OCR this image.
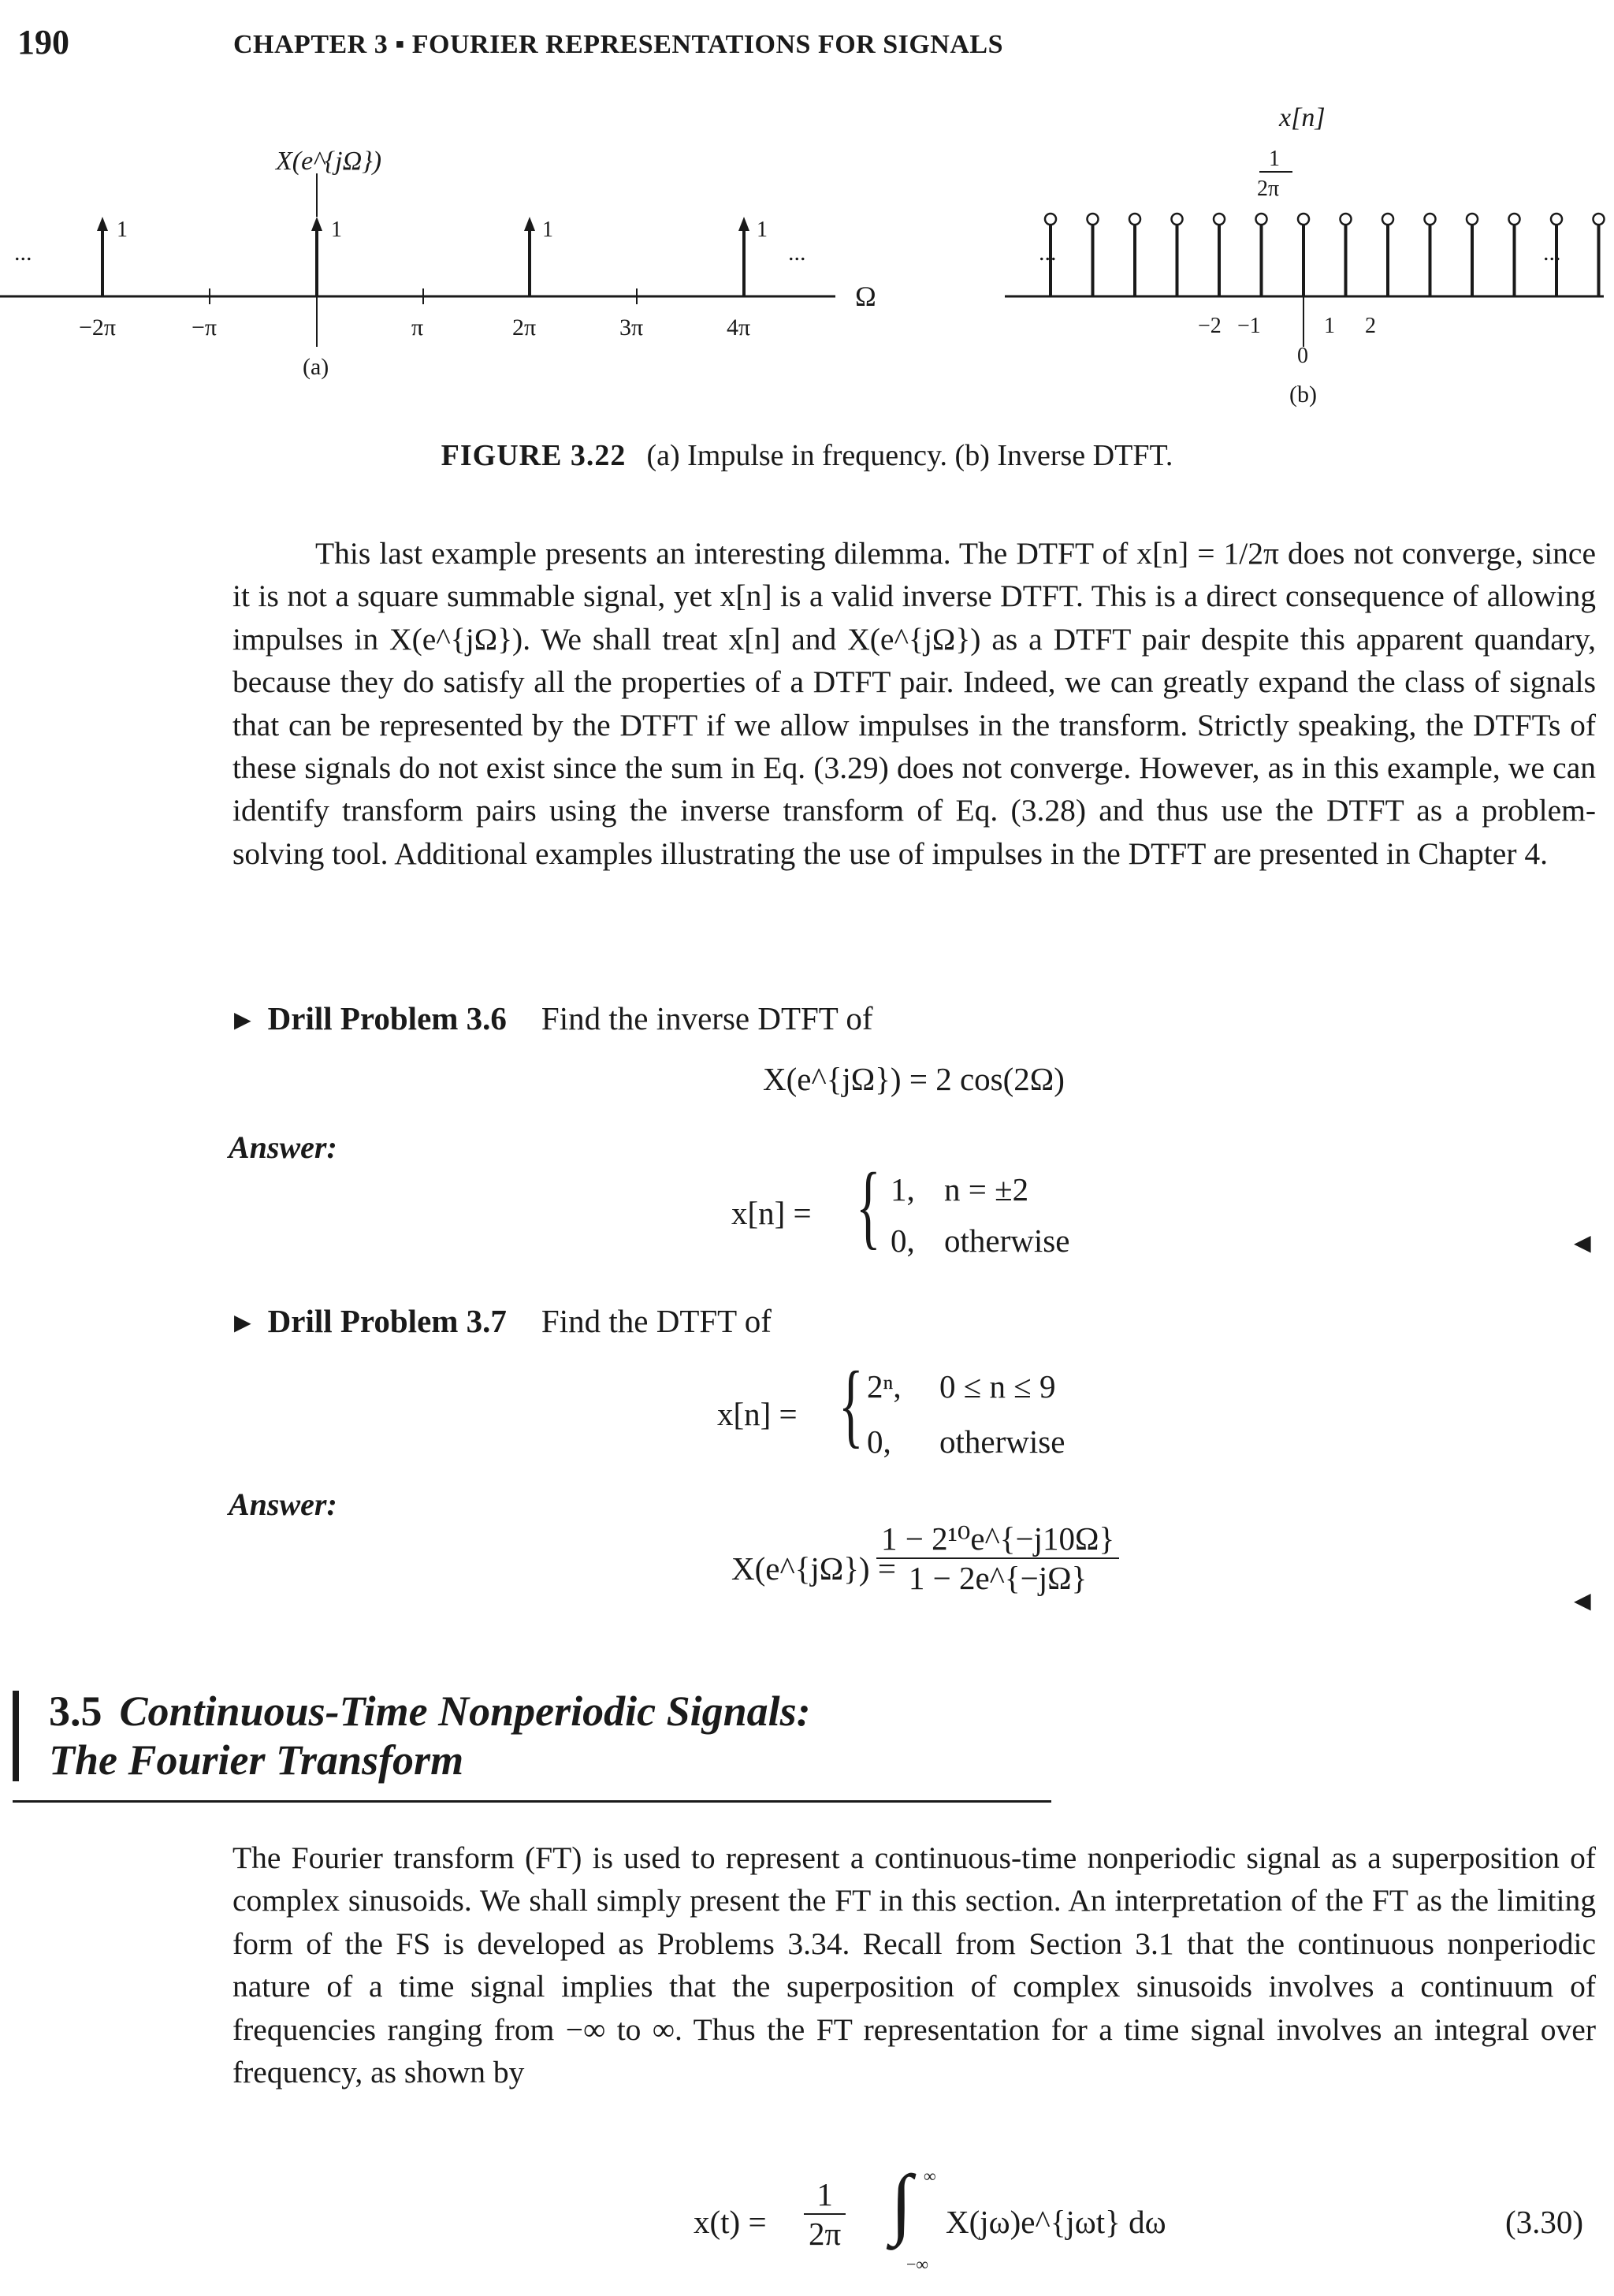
190	CHAPTER 3 ▪ FOURIER REPRESENTATIONS FOR SIGNALS
Ω
X(e^{jΩ})
...	...
1	1	1	1
−2π	−π	π	2π	3π	4π
(a)
x[n]
1
2π
...	...
−2 −1	1 2
0
(b)
FIGURE 3.22 (a) Impulse in frequency. (b) Inverse DTFT.
This last example presents an interesting dilemma. The DTFT of x[n] = 1/2π does not converge, since it is not a square summable signal, yet x[n] is a valid inverse DTFT. This is a direct consequence of allowing impulses in X(e^{jΩ}). We shall treat x[n] and X(e^{jΩ}) as a DTFT pair despite this apparent quandary, because they do satisfy all the properties of a DTFT pair. Indeed, we can greatly expand the class of signals that can be represented by the DTFT if we allow impulses in the transform. Strictly speaking, the DTFTs of these signals do not exist since the sum in Eq. (3.29) does not converge. However, as in this example, we can identify transform pairs using the inverse transform of Eq. (3.28) and thus use the DTFT as a problem-solving tool. Additional examples illustrating the use of impulses in the DTFT are presented in Chapter 4.
► Drill Problem 3.6 Find the inverse DTFT of
X(e^{jΩ}) = 2 cos(2Ω)
Answer:
x[n] = { 1, n = ±2
0, otherwise	◄
► Drill Problem 3.7 Find the DTFT of
x[n] = { 2ⁿ, 0 ≤ n ≤ 9
0, otherwise
Answer:
X(e^{jΩ}) =
$\frac{\text{1 − 2¹⁰e\textasciicircum{}\{−j10Ω\}}}{1 - 2e\^{}\{-j\Omega\}}$
◄
3.5 Continuous-Time Nonperiodic Signals:
The Fourier Transform
The Fourier transform (FT) is used to represent a continuous-time nonperiodic signal as a superposition of complex sinusoids. We shall simply present the FT in this section. An interpretation of the FT as the limiting form of the FS is developed as Problems 3.34. Recall from Section 3.1 that the continuous nonperiodic nature of a time signal implies that the superposition of complex sinusoids involves a continuum of frequencies ranging from −∞ to ∞. Thus the FT representation for a time signal involves an integral over frequency, as shown by
$x(t) = \frac{1}{2\pi}$ ∫ ∞
−∞
X(jω)e^{jωt} dω	(3.30)
